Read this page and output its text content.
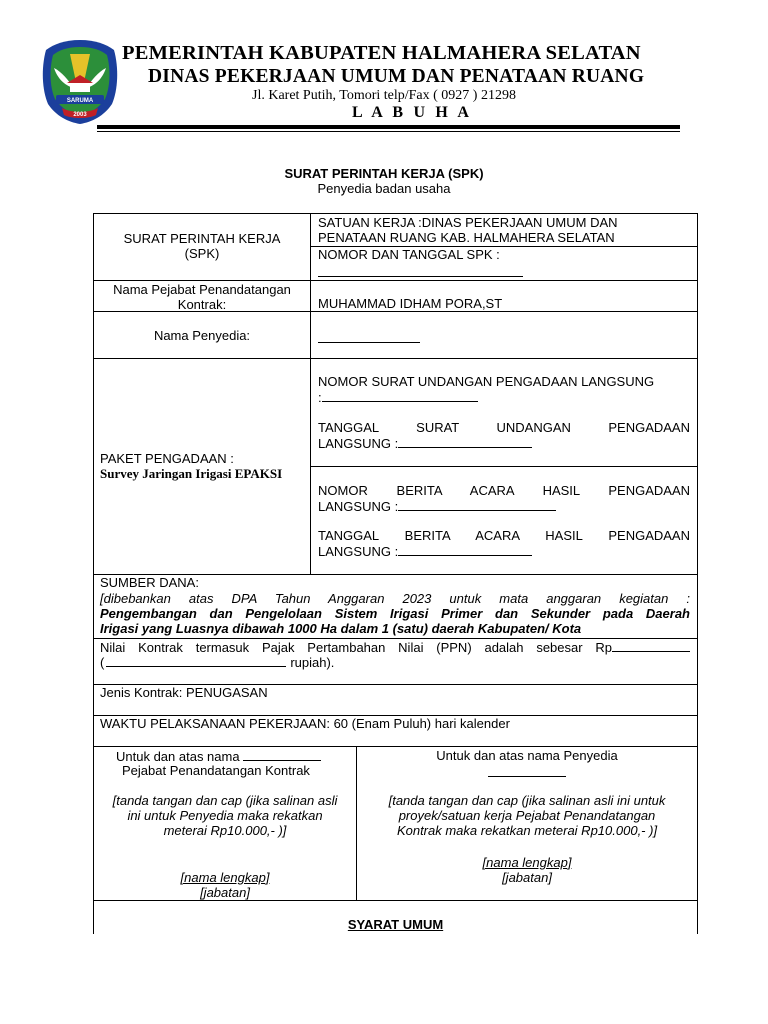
SARUMA
2003
PEMERINTAH KABUPATEN HALMAHERA SELATAN
DINAS PEKERJAAN UMUM DAN PENATAAN RUANG
Jl. Karet Putih, Tomori telp/Fax ( 0927 ) 21298
L A B U H A
SURAT PERINTAH KERJA (SPK)
Penyedia badan usaha
SURAT PERINTAH KERJA (SPK)
SATUAN KERJA :DINAS PEKERJAAN UMUM DAN
PENATAAN RUANG KAB. HALMAHERA SELATAN
NOMOR DAN TANGGAL SPK :
Nama Pejabat Penandatangan
Kontrak:	MUHAMMAD IDHAM PORA,ST
Nama Penyedia:
PAKET PENGADAAN :
Survey Jaringan Irigasi EPAKSI
NOMOR SURAT UNDANGAN PENGADAAN LANGSUNG
:
TANGGAL SURAT UNDANGAN PENGADAAN
LANGSUNG :
NOMOR BERITA ACARA HASIL PENGADAAN
LANGSUNG :
TANGGAL BERITA ACARA HASIL PENGADAAN
LANGSUNG :
SUMBER DANA:
[dibebankan atas DPA Tahun Anggaran 2023 untuk mata anggaran kegiatan :
Pengembangan dan Pengelolaan Sistem Irigasi Primer dan Sekunder pada Daerah
Irigasi yang Luasnya dibawah 1000 Ha dalam 1 (satu) daerah Kabupaten/ Kota
Nilai Kontrak termasuk Pajak Pertambahan Nilai (PPN) adalah sebesar Rp
(	rupiah).
Jenis Kontrak: PENUGASAN
WAKTU PELAKSANAAN PEKERJAAN: 60 (Enam Puluh) hari kalender
Untuk dan atas nama
Pejabat Penandatangan Kontrak
[tanda tangan dan cap (jika salinan asli
ini untuk Penyedia maka rekatkan
meterai Rp10.000,- )]
[nama lengkap]
[jabatan]
Untuk dan atas nama Penyedia
[tanda tangan dan cap (jika salinan asli ini untuk
proyek/satuan kerja Pejabat Penandatangan
Kontrak maka rekatkan meterai Rp10.000,- )]
[nama lengkap]
[jabatan]
SYARAT UMUM
